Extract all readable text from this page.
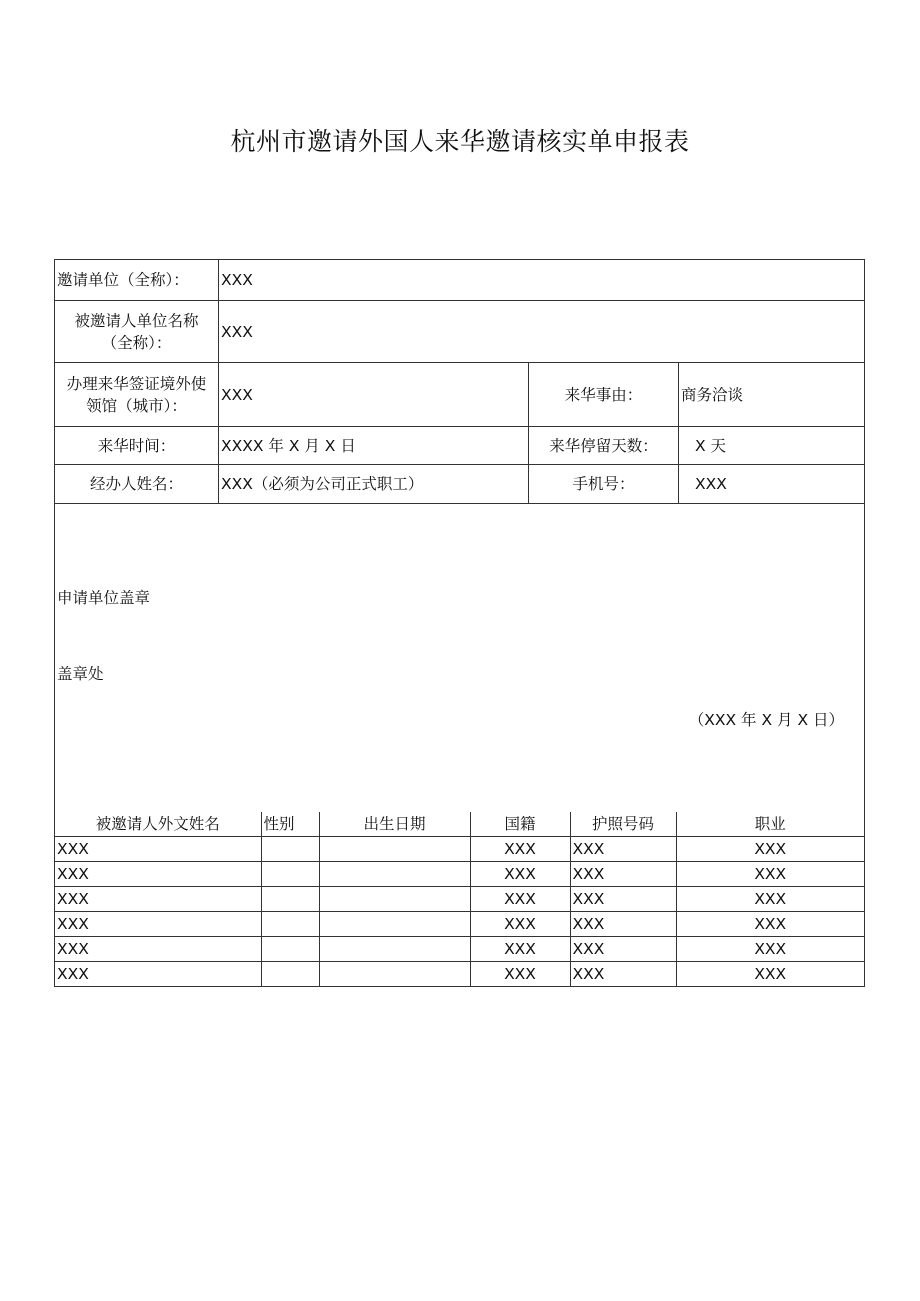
杭州市邀请外国人来华邀请核实单申报表
邀请单位（全称）：	XXX
被邀请人单位名称
（全称）：
XXX
办理来华签证境外使
领馆（城市）：
XXX	来华事由：	商务洽谈
来华时间：	XXXX 年 X 月 X 日	来华停留天数：	X 天
经办人姓名：	XXX（必须为公司正式职工）	手机号：	XXX
申请单位盖章
盖章处
（XXX 年 X 月 X 日）
被邀请人外文姓名	性别	出生日期	国籍	护照号码	职业
XXX			XXX	XXX	XXX
XXX			XXX	XXX	XXX
XXX			XXX	XXX	XXX
XXX			XXX	XXX	XXX
XXX			XXX	XXX	XXX
XXX			XXX	XXX	XXX
